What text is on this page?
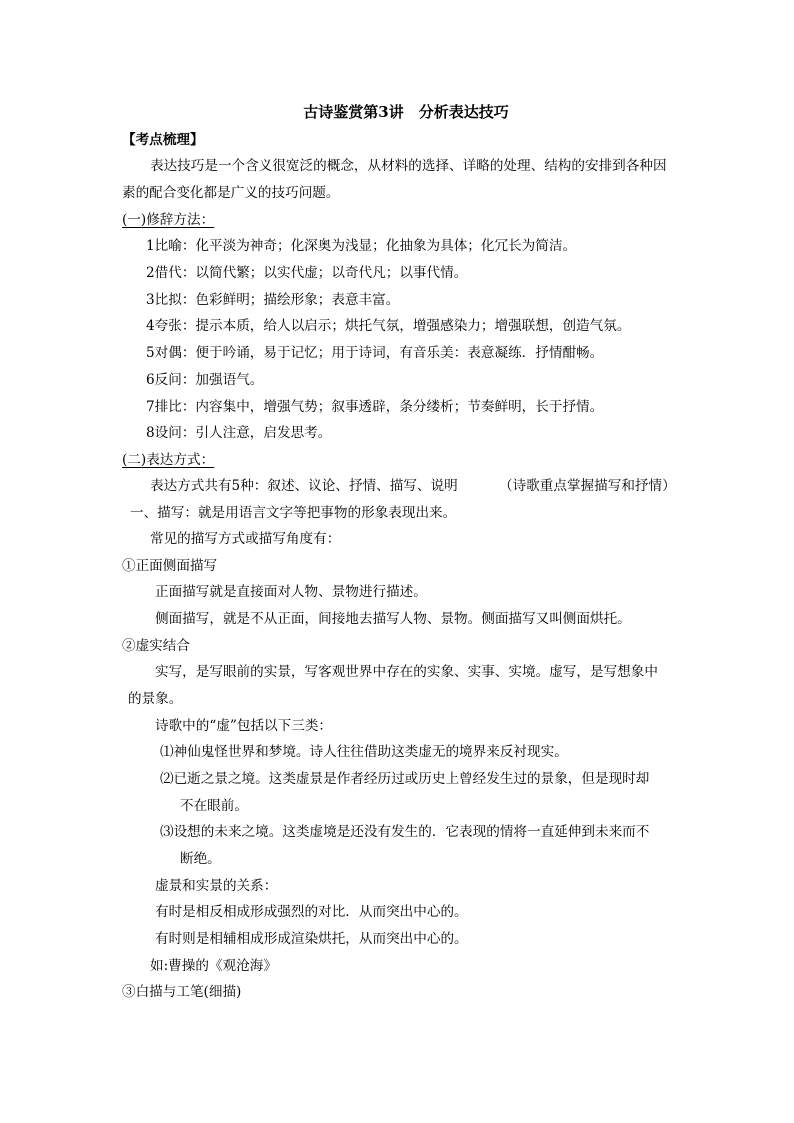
古诗鉴赏第3讲　分析表达技巧
【考点梳理】
表达技巧是一个含义很宽泛的概念，从材料的选择、详略的处理、结构的安排到各种因
素的配合变化都是广义的技巧问题。
(一)修辞方法：
1比喻：化平淡为神奇；化深奥为浅显；化抽象为具体；化冗长为简洁。
2借代：以简代繁；以实代虚；以奇代凡；以事代情。
3比拟：色彩鲜明；描绘形象；表意丰富。
4夸张：提示本质，给人以启示；烘托气氛，增强感染力；增强联想，创造气氛。
5对偶：便于吟诵，易于记忆；用于诗词，有音乐美：表意凝练．抒情酣畅。
6反问：加强语气。
7排比：内容集中，增强气势；叙事透辟，条分缕析；节奏鲜明，长于抒情。
8设问：引人注意，启发思考。
(二)表达方式：
表达方式共有5种：叙述、议论、抒情、描写、说明	（诗歌重点掌握描写和抒情）
一、描写：就是用语言文字等把事物的形象表现出来。
常见的描写方式或描写角度有：
①正面侧面描写
正面描写就是直接面对人物、景物进行描述。
侧面描写，就是不从正面，间接地去描写人物、景物。侧面描写又叫侧面烘托。
②虚实结合
实写，是写眼前的实景，写客观世界中存在的实象、实事、实境。虚写，是写想象中
的景象。
诗歌中的“虚”包括以下三类：
⑴神仙鬼怪世界和梦境。诗人往往借助这类虚无的境界来反衬现实。
⑵已逝之景之境。这类虚景是作者经历过或历史上曾经发生过的景象，但是现时却
不在眼前。
⑶设想的未来之境。这类虚境是还没有发生的．它表现的情将一直延伸到未来而不
断绝。
虚景和实景的关系：
有时是相反相成形成强烈的对比．从而突出中心的。
有时则是相辅相成形成渲染烘托，从而突出中心的。
如:曹操的《观沧海》
③白描与工笔(细描)
